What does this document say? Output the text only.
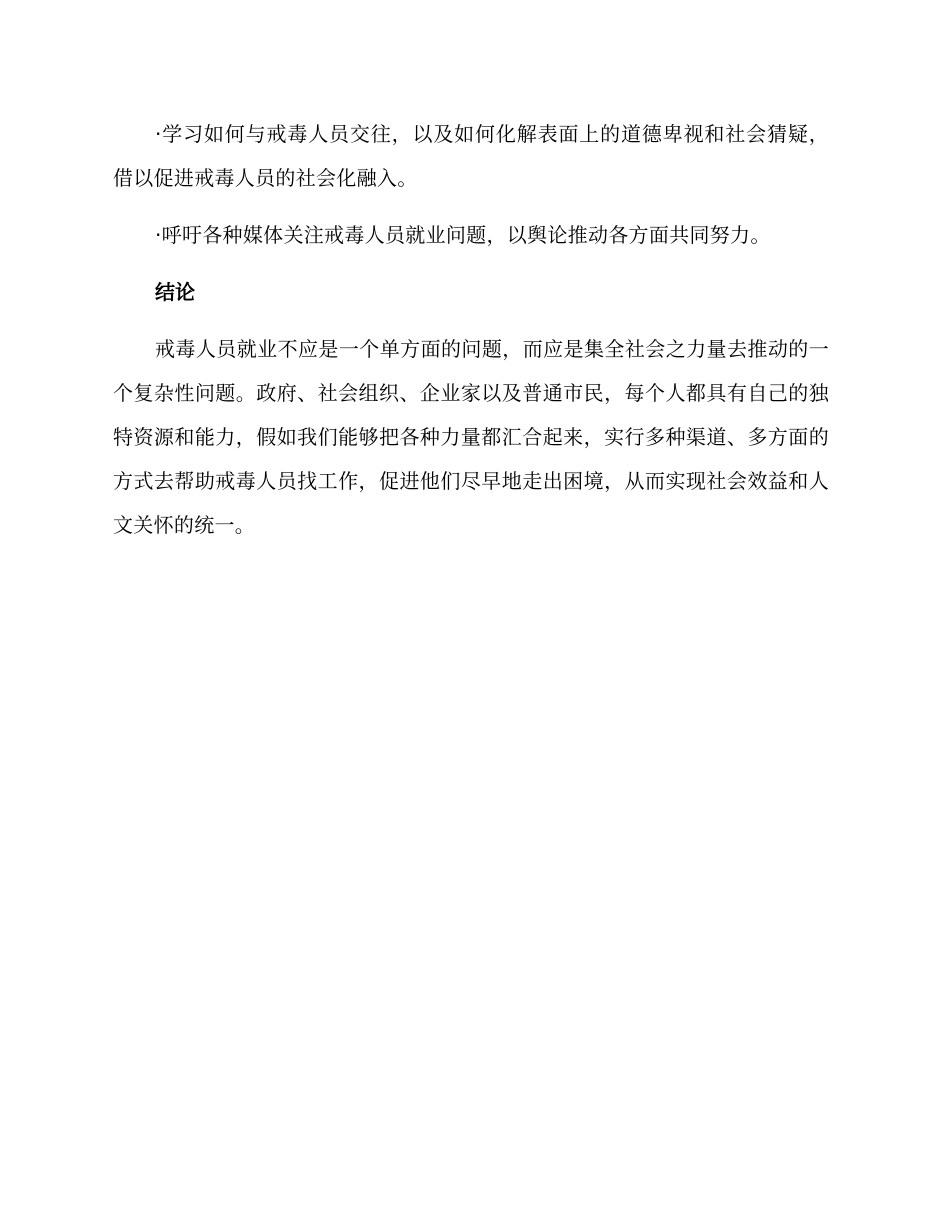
·学习如何与戒毒人员交往，以及如何化解表面上的道德卑视和社会猜疑，借以促进戒毒人员的社会化融入。

·呼吁各种媒体关注戒毒人员就业问题，以舆论推动各方面共同努力。

结论

戒毒人员就业不应是一个单方面的问题，而应是集全社会之力量去推动的一个复杂性问题。政府、社会组织、企业家以及普通市民，每个人都具有自己的独特资源和能力，假如我们能够把各种力量都汇合起来，实行多种渠道、多方面的方式去帮助戒毒人员找工作，促进他们尽早地走出困境，从而实现社会效益和人文关怀的统一。
